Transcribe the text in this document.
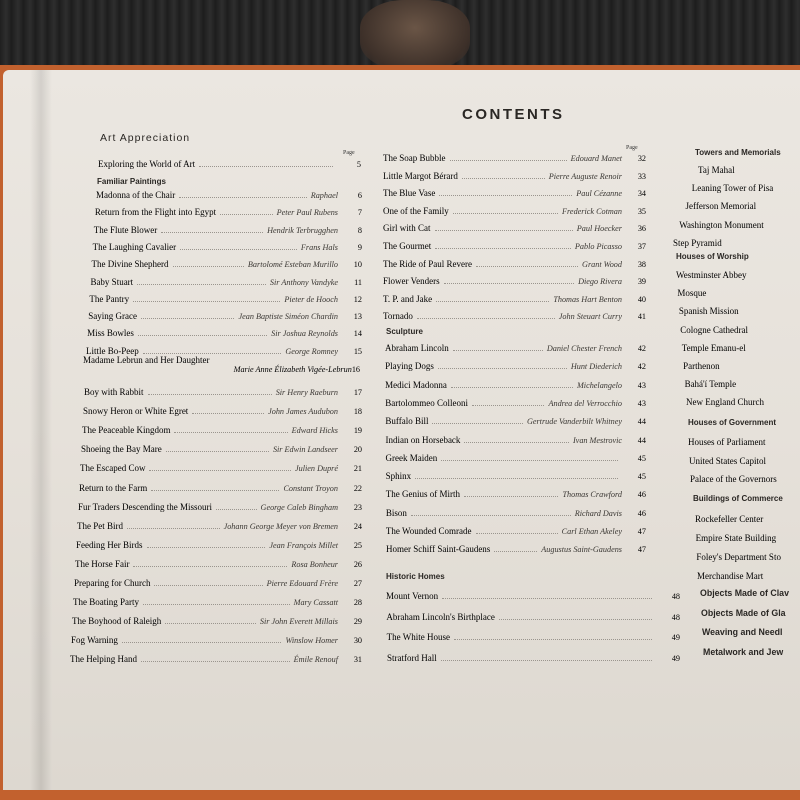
CONTENTS
Art Appreciation
Page
Exploring the World of Art	5
Familiar Paintings
Madonna of the Chair	Raphael	6
Return from the Flight into Egypt	Peter Paul Rubens	7
The Flute Blower	Hendrik Terbrugghen	8
The Laughing Cavalier	Frans Hals	9
The Divine Shepherd	Bartolomé Esteban Murillo	10
Baby Stuart	Sir Anthony Vandyke	11
The Pantry	Pieter de Hooch	12
Saying Grace	Jean Baptiste Siméon Chardin	13
Miss Bowles	Sir Joshua Reynolds	14
Little Bo-Peep	George Romney	15
Madame Lebrun and Her Daughter
Marie Anne Élizabeth Vigée-Lebrun 16
Boy with Rabbit	Sir Henry Raeburn	17
Snowy Heron or White Egret	John James Audubon	18
The Peaceable Kingdom	Edward Hicks	19
Shoeing the Bay Mare	Sir Edwin Landseer	20
The Escaped Cow	Julien Dupré	21
Return to the Farm	Constant Troyon	22
Fur Traders Descending the Missouri	George Caleb Bingham	23
The Pet Bird	Johann George Meyer von Bremen	24
Feeding Her Birds	Jean François Millet	25
The Horse Fair	Rosa Bonheur	26
Preparing for Church	Pierre Edouard Frère	27
The Boating Party	Mary Cassatt	28
The Boyhood of Raleigh	Sir John Everett Millais	29
Fog Warning	Winslow Homer	30
The Helping Hand	Émile Renouf	31
Page
The Soap Bubble	Edouard Manet	32
Little Margot Bérard	Pierre Auguste Renoir	33
The Blue Vase	Paul Cézanne	34
One of the Family	Frederick Cotman	35
Girl with Cat	Paul Hoecker	36
The Gourmet	Pablo Picasso	37
The Ride of Paul Revere	Grant Wood	38
Flower Venders	Diego Rivera	39
T. P. and Jake	Thomas Hart Benton	40
Tornado	John Steuart Curry	41
Sculpture
Abraham Lincoln	Daniel Chester French	42
Playing Dogs	Hunt Diederich	42
Medici Madonna	Michelangelo	43
Bartolommeo Colleoni	Andrea del Verrocchio	43
Buffalo Bill	Gertrude Vanderbilt Whitney	44
Indian on Horseback	Ivan Mestrovic	44
Greek Maiden	45
Sphinx	45
The Genius of Mirth	Thomas Crawford	46
Bison	Richard Davis	46
The Wounded Comrade	Carl Ethan Akeley	47
Homer Schiff Saint-Gaudens	Augustus Saint-Gaudens	47
Historic Homes
Mount Vernon	48
Abraham Lincoln's Birthplace	48
The White House	49
Stratford Hall	49
Towers and Memorials
Taj Mahal
Leaning Tower of Pisa
Jefferson Memorial
Washington Monument
Step Pyramid
Houses of Worship
Westminster Abbey
Mosque
Spanish Mission
Cologne Cathedral
Temple Emanu-el
Parthenon
Bahá'í Temple
New England Church
Houses of Government
Houses of Parliament
United States Capitol
Palace of the Governors
Buildings of Commerce
Rockefeller Center
Empire State Building
Foley's Department Sto
Merchandise Mart
Objects Made of Clav
Objects Made of Gla
Weaving and Needl
Metalwork and Jew
